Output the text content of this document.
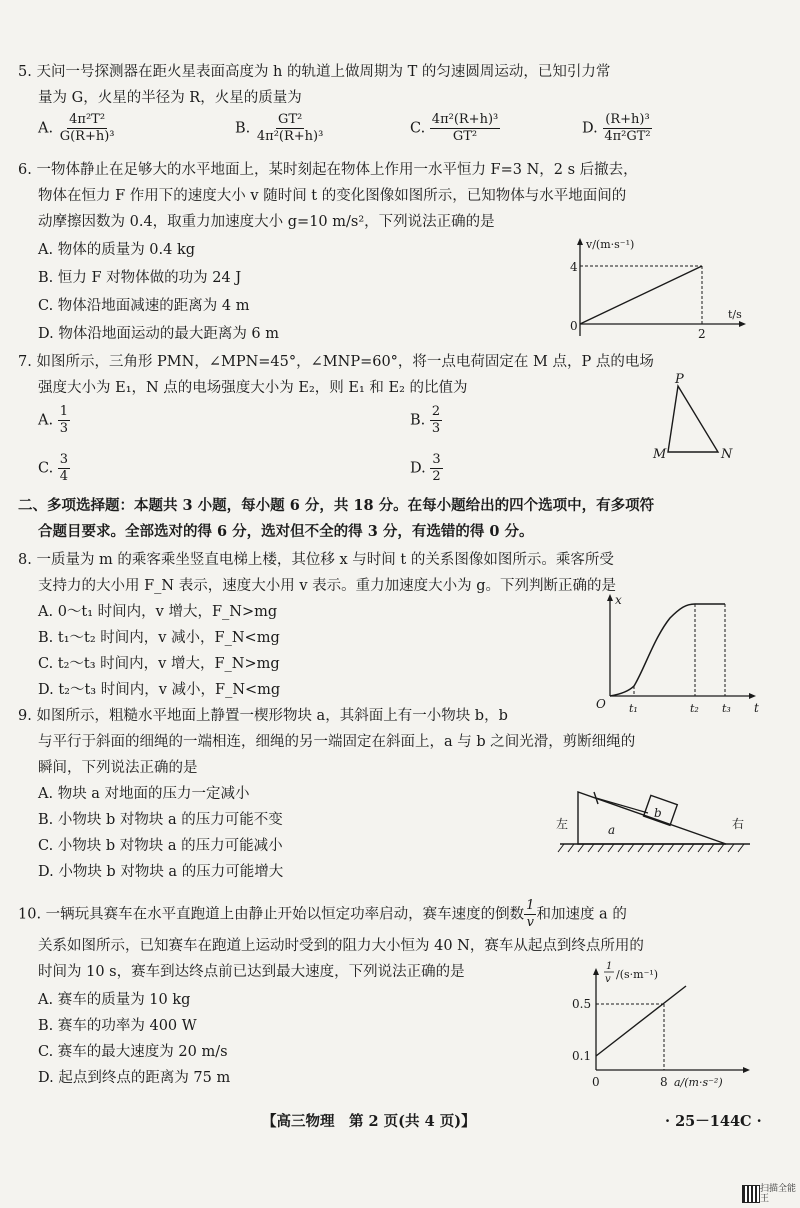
5. 天问一号探测器在距火星表面高度为 h 的轨道上做周期为 T 的匀速圆周运动，已知引力常
量为 G，火星的半径为 R，火星的质量为
A. $\frac{\text{4π²T²}}{\text{G(R+h)³}}$	B. $\frac{\text{GT²}}{\text{4π²(R+h)³}}$	C. $\frac{\text{4π²(R+h)³}}{\text{GT²}}$	D. $\frac{\text{(R+h)³}}{\text{4π²GT²}}$
6. 一物体静止在足够大的水平地面上，某时刻起在物体上作用一水平恒力 F=3 N，2 s 后撤去，
物体在恒力 F 作用下的速度大小 v 随时间 t 的变化图像如图所示，已知物体与水平地面间的
动摩擦因数为 0.4，取重力加速度大小 g=10 m/s²，下列说法正确的是
A. 物体的质量为 0.4 kg
B. 恒力 F 对物体做的功为 24 J
C. 物体沿地面减速的距离为 4 m
D. 物体沿地面运动的最大距离为 6 m
v/(m·s⁻¹)
t/s
0
4
2
7. 如图所示，三角形 PMN，∠MPN=45°，∠MNP=60°，将一点电荷固定在 M 点，P 点的电场
强度大小为 E₁，N 点的电场强度大小为 E₂，则 E₁ 和 E₂ 的比值为
A. $\frac{1}{3}$	B. $\frac{2}{3}$
C. $\frac{3}{4}$	D. $\frac{3}{2}$
P
M	N
二、多项选择题：本题共 3 小题，每小题 6 分，共 18 分。在每小题给出的四个选项中，有多项符
合题目要求。全部选对的得 6 分，选对但不全的得 3 分，有选错的得 0 分。
8. 一质量为 m 的乘客乘坐竖直电梯上楼，其位移 x 与时间 t 的关系图像如图所示。乘客所受
支持力的大小用 F_N 表示，速度大小用 v 表示。重力加速度大小为 g。下列判断正确的是
A. 0～t₁ 时间内，v 增大，F_N>mg
B. t₁～t₂ 时间内，v 减小，F_N<mg
C. t₂～t₃ 时间内，v 增大，F_N>mg
D. t₂～t₃ 时间内，v 减小，F_N<mg
x
t
O t₁	t₂ t₃
9. 如图所示，粗糙水平地面上静置一楔形物块 a，其斜面上有一小物块 b，b
与平行于斜面的细绳的一端相连，细绳的另一端固定在斜面上，a 与 b 之间光滑，剪断细绳的
瞬间，下列说法正确的是
A. 物块 a 对地面的压力一定减小
B. 小物块 b 对物块 a 的压力可能不变
C. 小物块 b 对物块 a 的压力可能减小
D. 小物块 b 对物块 a 的压力可能增大
b
a
左	右
10. 一辆玩具赛车在水平直跑道上由静止开始以恒定功率启动，赛车速度的倒数 $\frac{1}{v}$ 和加速度 a 的
关系如图所示，已知赛车在跑道上运动时受到的阻力大小恒为 40 N，赛车从起点到终点所用的
时间为 10 s，赛车到达终点前已达到最大速度，下列说法正确的是
A. 赛车的质量为 10 kg
B. 赛车的功率为 400 W
C. 赛车的最大速度为 20 m/s
D. 起点到终点的距离为 75 m
1
v /(s·m⁻¹)
0.5
0.1
0	8 a/(m·s⁻²)
【高三物理　第 2 页(共 4 页)】	· 25－144C ·
扫描全能王
